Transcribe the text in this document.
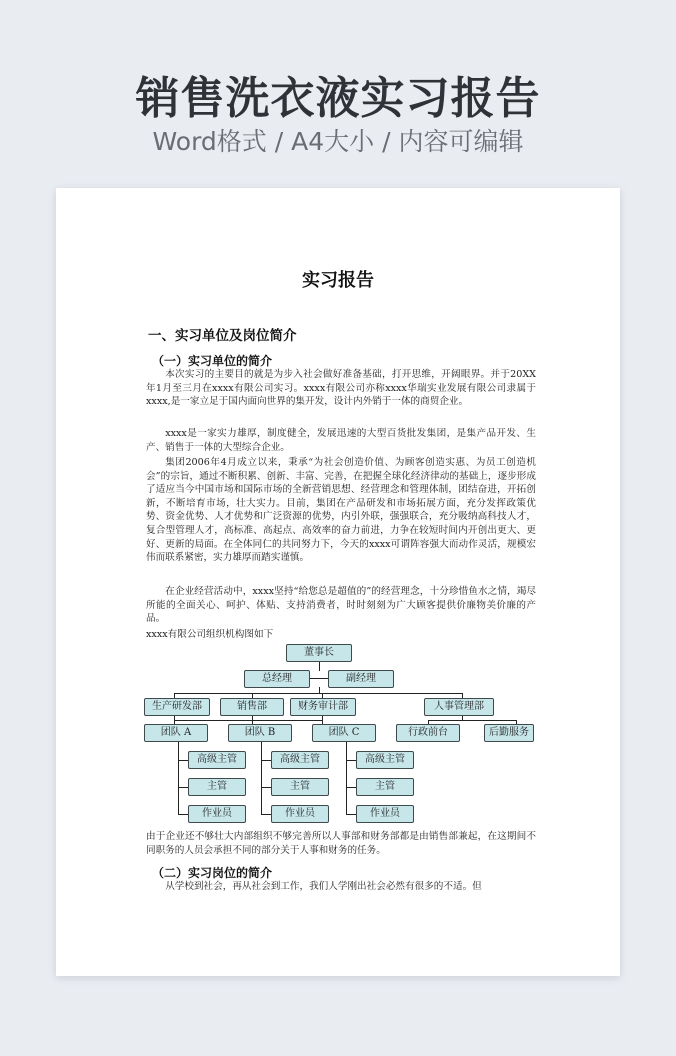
销售洗衣液实习报告
Word格式 / A4大小 / 内容可编辑
实习报告
一、实习单位及岗位简介
（一）实习单位的简介

本次实习的主要目的就是为步入社会做好准备基础，打开思维，开阔眼界。并于20XX年1月至三月在xxxx有限公司实习。xxxx有限公司亦称xxxx华瑞实业发展有限公司隶属于xxxx,是一家立足于国内面向世界的集开发，设计内外销于一体的商贸企业。

xxxx是一家实力雄厚，制度健全，发展迅速的大型百货批发集团，是集产品开发、生产、销售于一体的大型综合企业。

集团2006年4月成立以来，秉承“为社会创造价值、为顾客创造实惠、为员工创造机会”的宗旨，通过不断积累、创新、丰富、完善，在把握全球化经济律动的基础上，逐步形成了适应当今中国市场和国际市场的全新营销思想、经营理念和管理体制，团结奋进，开拓创新，不断培育市场，壮大实力。目前，集团在产品研发和市场拓展方面，充分发挥政策优势、资金优势、人才优势和广泛资源的优势，内引外联，强强联合，充分吸纳高科技人才，复合型管理人才，高标准、高起点、高效率的奋力前进，力争在较短时间内开创出更大、更好、更新的局面。在全体同仁的共同努力下，今天的xxxx可谓阵容强大而动作灵活，规模宏伟而联系紧密，实力雄厚而踏实谨慎。

在企业经营活动中，xxxx坚持“给您总是超值的”的经营理念，十分珍惜鱼水之情，竭尽所能的全面关心、呵护、体贴、支持消费者，时时刻刻为广大顾客提供价廉物美价廉的产品。

xxxx有限公司组织机构图如下

董事长
总经理	副经理
生产研发部	销售部	财务审计部	人事管理部
行政前台	后勤服务
团队 A	团队 B	团队 C
高级主管
主管
作业员
高级主管
主管
作业员
高级主管
主管
作业员

由于企业还不够壮大内部组织不够完善所以人事部和财务部都是由销售部兼起，在这期间不同职务的人员会承担不同的部分关于人事和财务的任务。

（二）实习岗位的简介

从学校到社会，再从社会到工作，我们人学刚出社会必然有很多的不适。但
